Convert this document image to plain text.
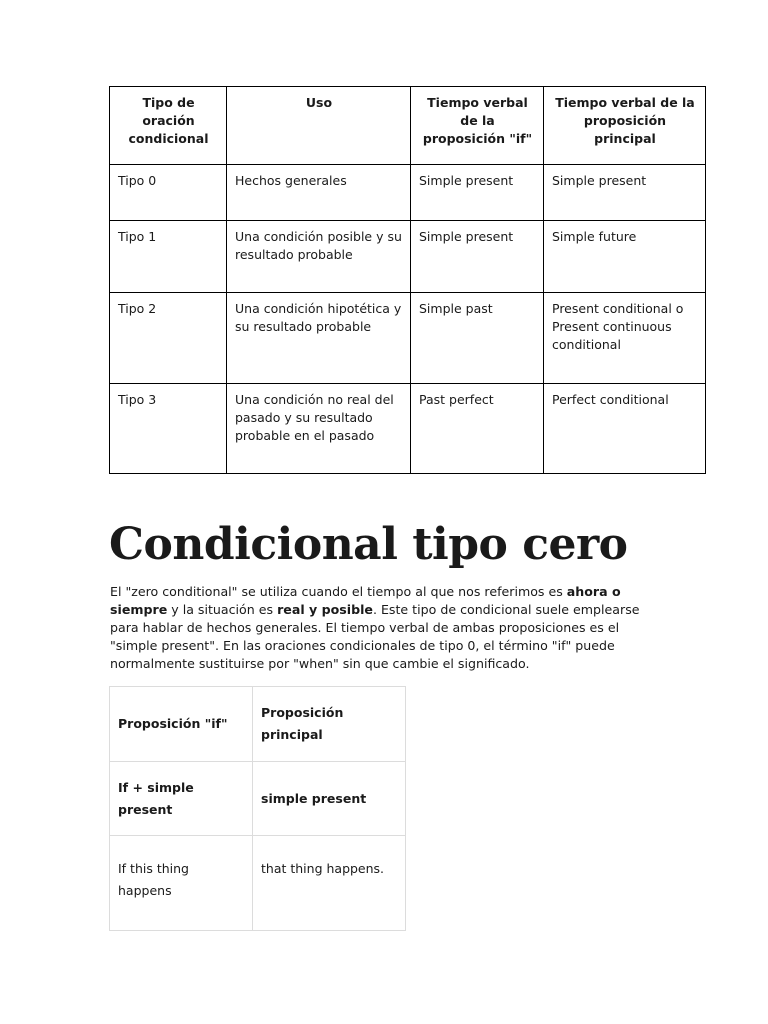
Tipo de oración condicional	Uso	Tiempo verbal de la proposición "if"	Tiempo verbal de la proposición principal
Tipo 0	Hechos generales	Simple present	Simple present
Tipo 1	Una condición posible y su resultado probable	Simple present	Simple future
Tipo 2	Una condición hipotética y su resultado probable	Simple past	Present conditional o Present continuous conditional
Tipo 3	Una condición no real del pasado y su resultado probable en el pasado	Past perfect	Perfect conditional
Condicional tipo cero

El "zero conditional" se utiliza cuando el tiempo al que nos referimos es ahora o siempre y la situación es real y posible. Este tipo de condicional suele emplearse para hablar de hechos generales. El tiempo verbal de ambas proposiciones es el "simple present". En las oraciones condicionales de tipo 0, el término "if" puede normalmente sustituirse por "when" sin que cambie el significado.

Proposición "if"	Proposición principal
If + simple present	simple present
If this thing happens	that thing happens.
